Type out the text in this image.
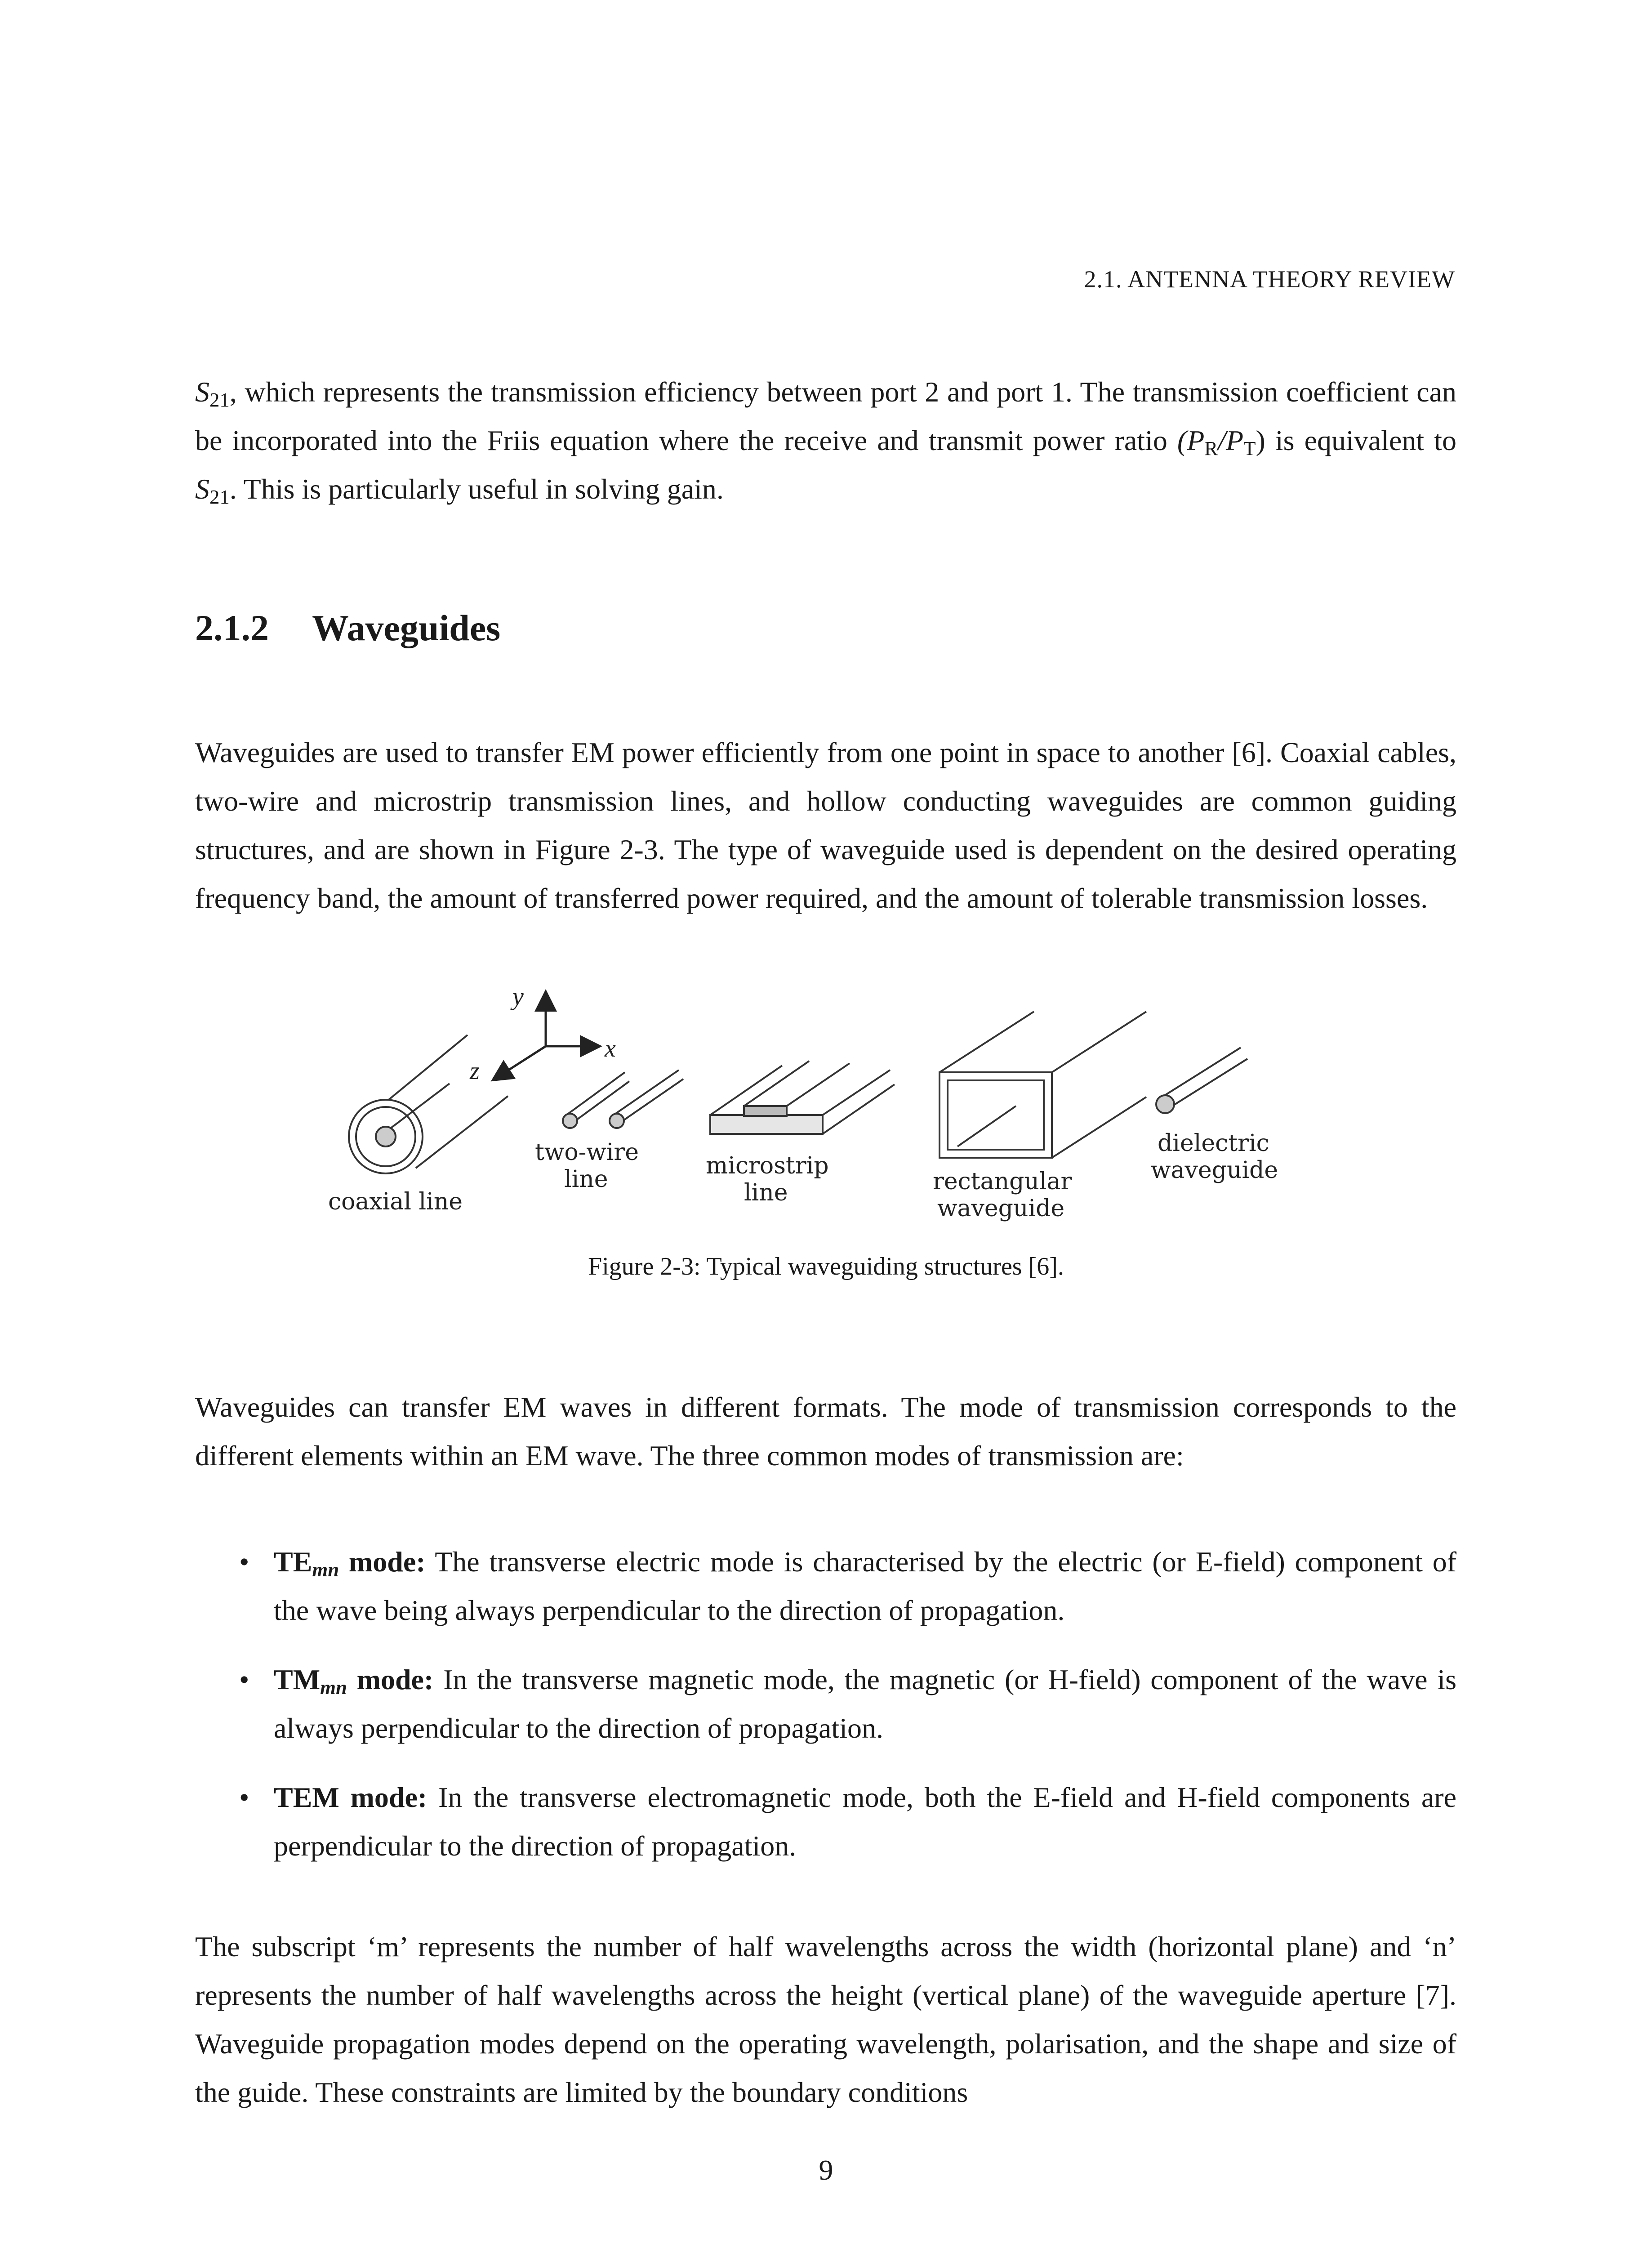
2.1. ANTENNA THEORY REVIEW

$S_{21}$, which represents the transmission efficiency between port 2 and port 1. The transmission coefficient can be incorporated into the Friis equation where the receive and transmit power ratio $(P_R/P_T)$ is equivalent to $S_{21}$. This is particularly useful in solving gain.

2.1.2 Waveguides

Waveguides are used to transfer EM power efficiently from one point in space to another [6]. Coaxial cables, two-wire and microstrip transmission lines, and hollow conducting waveguides are common guiding structures, and are shown in Figure 2-3. The type of waveguide used is dependent on the desired operating frequency band, the amount of transferred power required, and the amount of tolerable transmission losses.

y
x
z
coaxial line
two-wire
line	microstrip
line	rectangular
waveguide
dielectric
waveguide
Figure 2-3: Typical waveguiding structures [6].

Waveguides can transfer EM waves in different formats. The mode of transmission corresponds to the different elements within an EM wave. The three common modes of transmission are:

• $TE_{mn}$ mode: The transverse electric mode is characterised by the electric (or E-field) component of the wave being always perpendicular to the direction of propagation.
• $TM_{mn}$ mode: In the transverse magnetic mode, the magnetic (or H-field) component of the wave is always perpendicular to the direction of propagation.
• TEM mode: In the transverse electromagnetic mode, both the E-field and H-field components are perpendicular to the direction of propagation.

The subscript ‘m’ represents the number of half wavelengths across the width (horizontal plane) and ‘n’ represents the number of half wavelengths across the height (vertical plane) of the waveguide aperture [7]. Waveguide propagation modes depend on the operating wavelength, polarisation, and the shape and size of the guide. These constraints are limited by the boundary conditions

9
